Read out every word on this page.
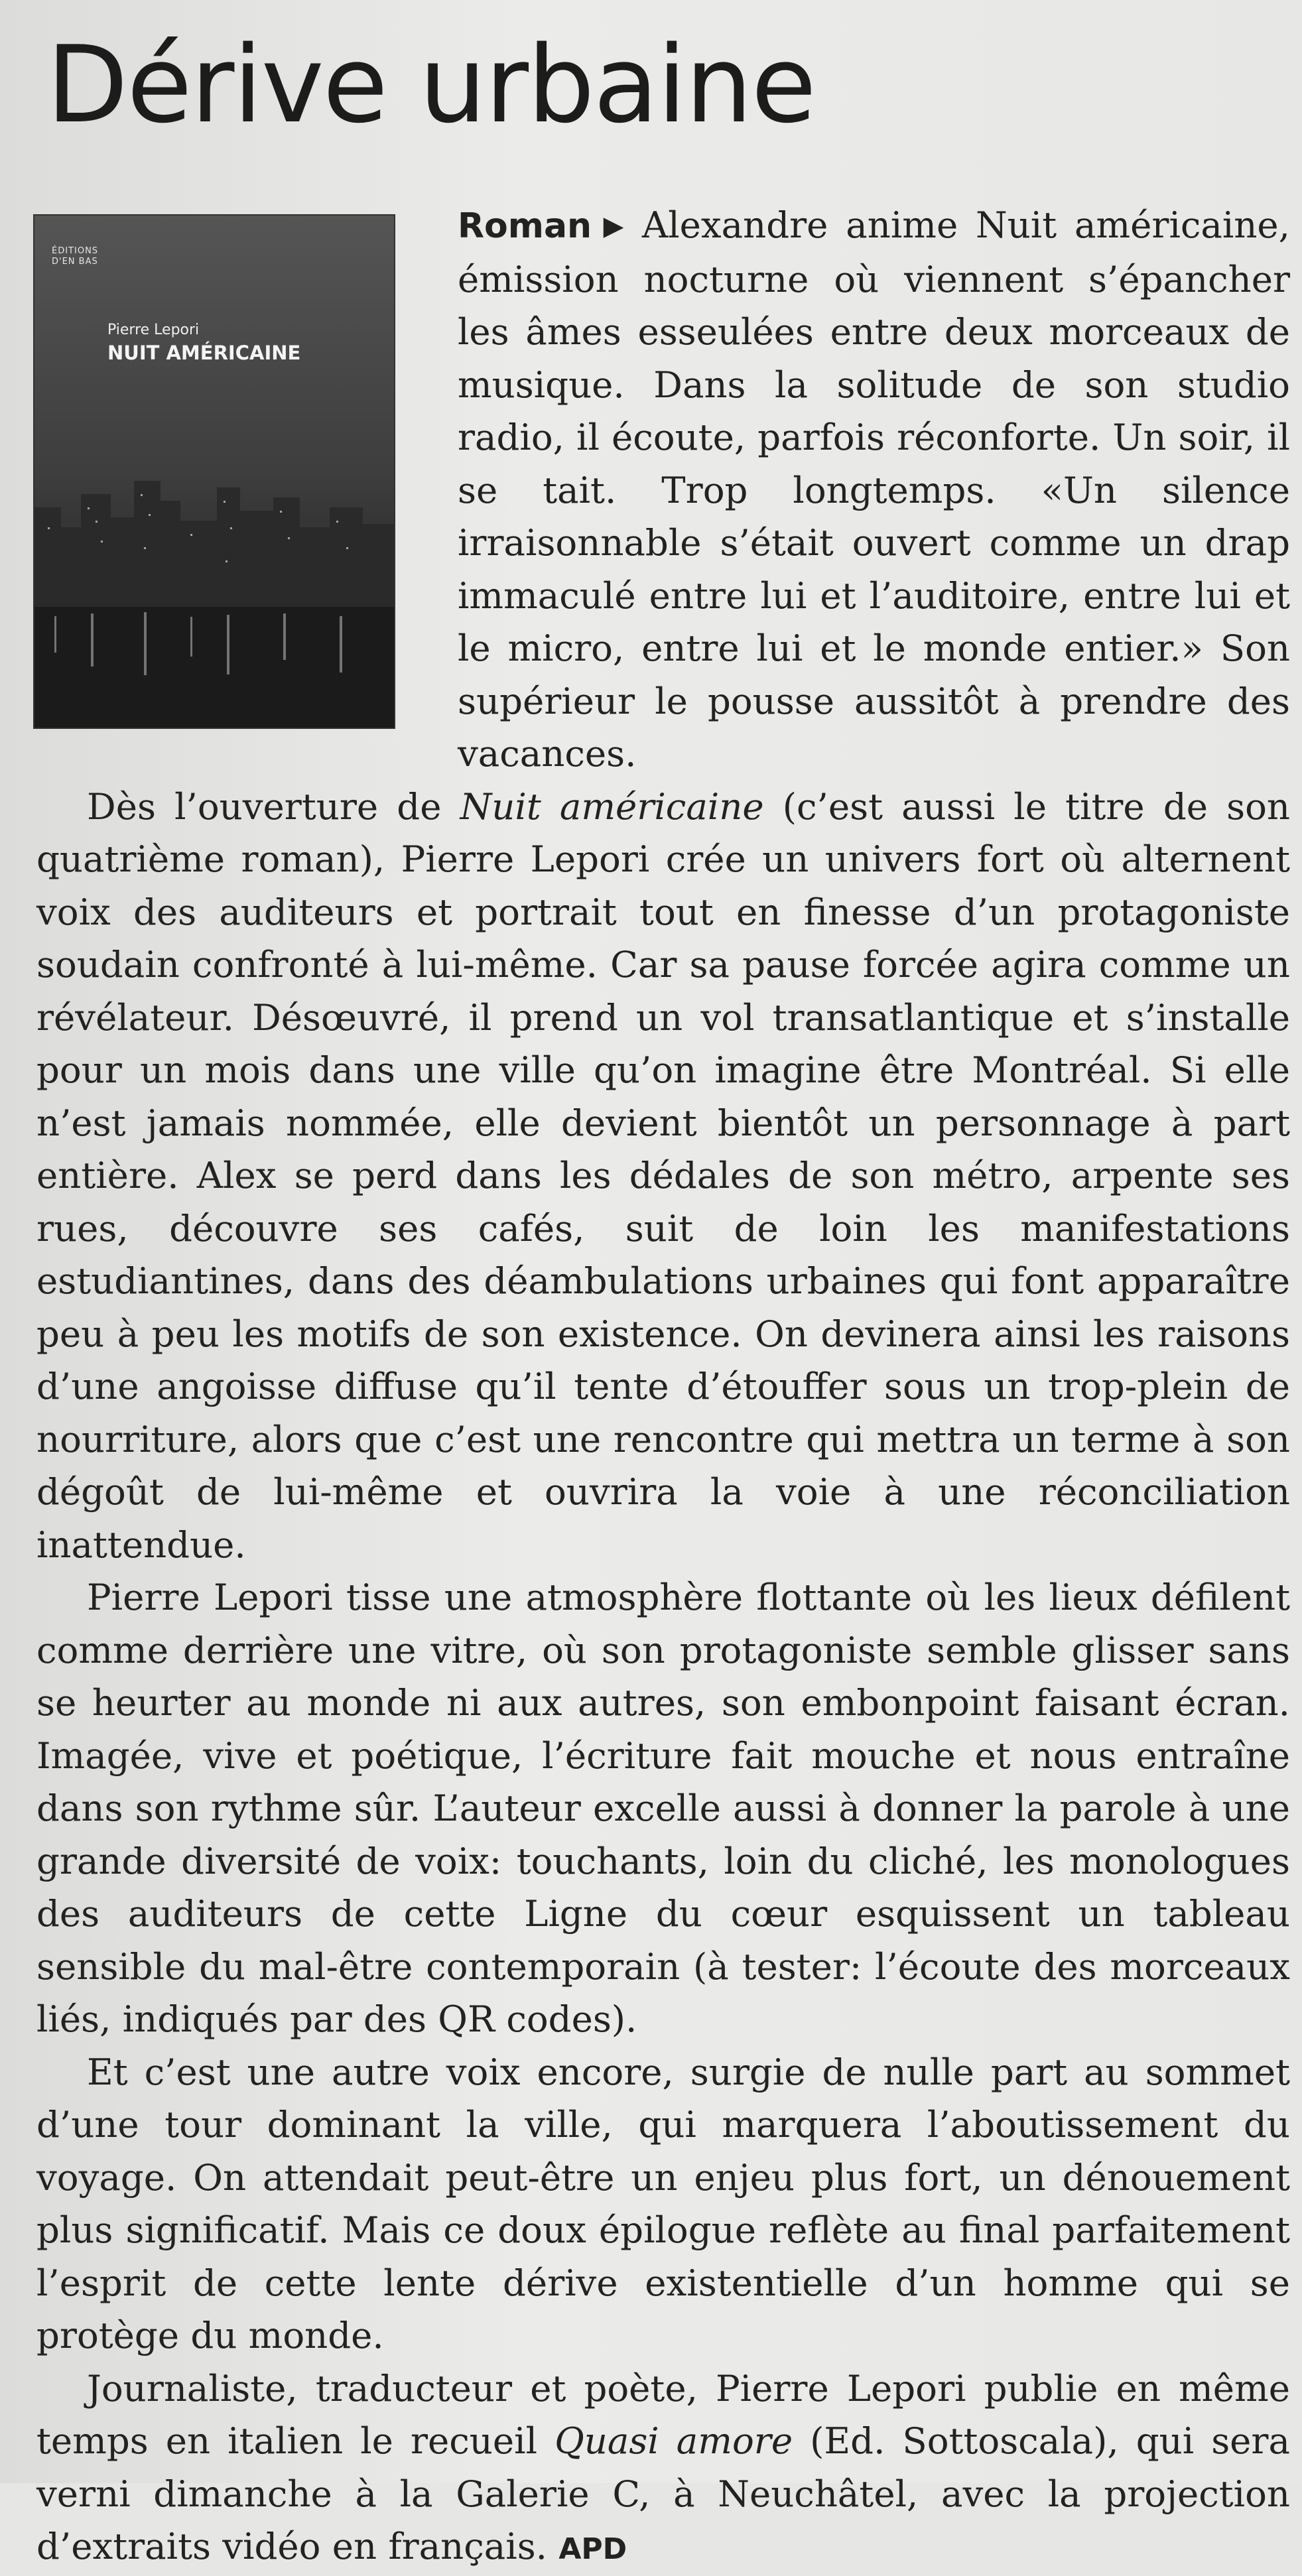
Dérive urbaine
ÉDITIONS D'EN BAS
Pierre Lepori
NUIT AMÉRICAINE

Roman ▶ Alexandre anime Nuit américaine, émission nocturne où viennent s’épancher les âmes esseulées entre deux morceaux de musique. Dans la solitude de son studio radio, il écoute, parfois réconforte. Un soir, il se tait. Trop longtemps. «Un silence irraisonnable s’était ouvert comme un drap immaculé entre lui et l’auditoire, entre lui et le micro, entre lui et le monde entier.» Son supérieur le pousse aussitôt à prendre des vacances.

Dès l’ouverture de Nuit américaine (c’est aussi le titre de son quatrième roman), Pierre Lepori crée un univers fort où alternent voix des auditeurs et portrait tout en finesse d’un protagoniste soudain confronté à lui-même. Car sa pause forcée agira comme un révélateur. Désœuvré, il prend un vol transatlantique et s’installe pour un mois dans une ville qu’on imagine être Montréal. Si elle n’est jamais nommée, elle devient bientôt un personnage à part entière. Alex se perd dans les dédales de son métro, arpente ses rues, découvre ses cafés, suit de loin les manifestations estudiantines, dans des déambulations urbaines qui font apparaître peu à peu les motifs de son existence. On devinera ainsi les raisons d’une angoisse diffuse qu’il tente d’étouffer sous un trop-plein de nourriture, alors que c’est une rencontre qui mettra un terme à son dégoût de lui-même et ouvrira la voie à une réconciliation inattendue.

Pierre Lepori tisse une atmosphère flottante où les lieux défilent comme derrière une vitre, où son protagoniste semble glisser sans se heurter au monde ni aux autres, son embonpoint faisant écran. Imagée, vive et poétique, l’écriture fait mouche et nous entraîne dans son rythme sûr. L’auteur excelle aussi à donner la parole à une grande diversité de voix: touchants, loin du cliché, les monologues des auditeurs de cette Ligne du cœur esquissent un tableau sensible du mal-être contemporain (à tester: l’écoute des morceaux liés, indiqués par des QR codes).

Et c’est une autre voix encore, surgie de nulle part au sommet d’une tour dominant la ville, qui marquera l’aboutissement du voyage. On attendait peut-être un enjeu plus fort, un dénouement plus significatif. Mais ce doux épilogue reflète au final parfaitement l’esprit de cette lente dérive existentielle d’un homme qui se protège du monde.

Journaliste, traducteur et poète, Pierre Lepori publie en même temps en italien le recueil Quasi amore (Ed. Sottoscala), qui sera verni dimanche à la Galerie C, à Neuchâtel, avec la projection d’extraits vidéo en français. APD
